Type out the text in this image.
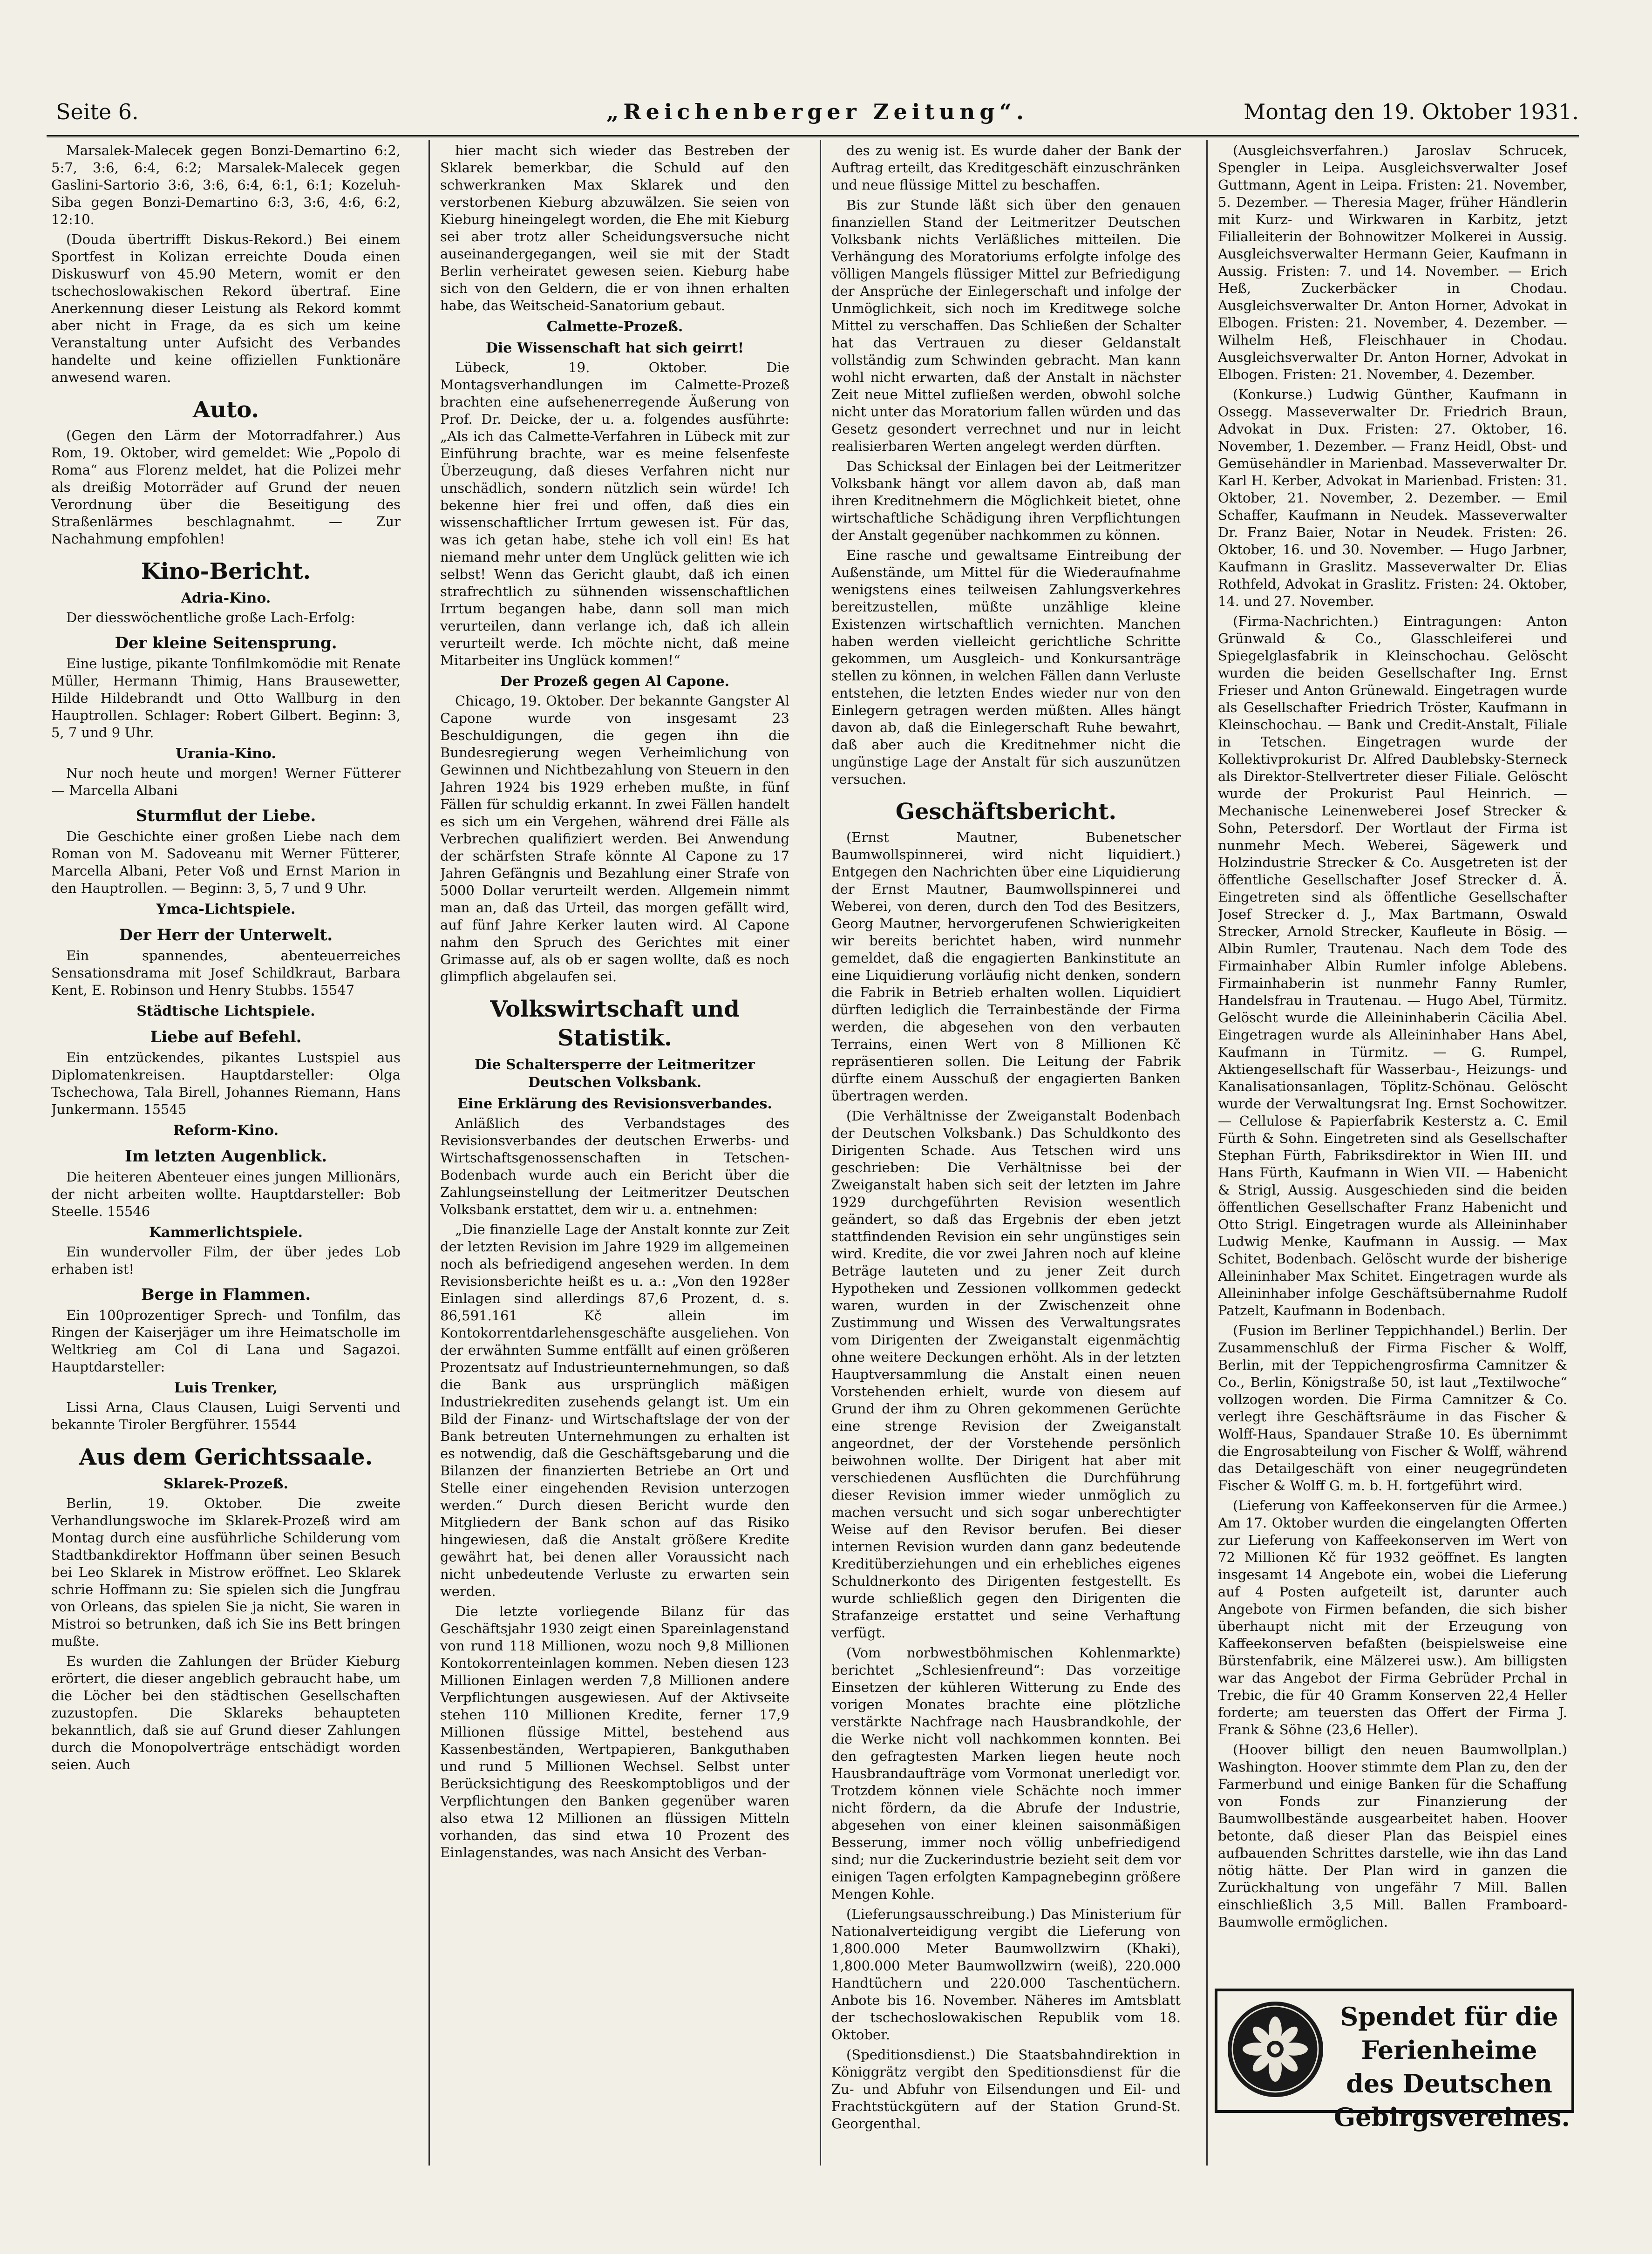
Seite 6.	„Reichenberger Zeitung“.	Montag den 19. Oktober 1931.

Marsalek-Malecek gegen Bonzi-Demartino 6:2, 5:7, 3:6, 6:4, 6:2; Marsalek-Malecek gegen Gaslini-Sartorio 3:6, 3:6, 6:4, 6:1, 6:1; Kozeluh-Siba gegen Bonzi-Demartino 6:3, 3:6, 4:6, 6:2, 12:10.

(Douda übertrifft Diskus-Rekord.) Bei einem Sportfest in Kolizan erreichte Douda einen Diskuswurf von 45.90 Metern, womit er den tschechoslowakischen Rekord übertraf. Eine Anerkennung dieser Leistung als Rekord kommt aber nicht in Frage, da es sich um keine Veranstaltung unter Aufsicht des Verbandes handelte und keine offiziellen Funktionäre anwesend waren.

Auto.

(Gegen den Lärm der Motorradfahrer.) Aus Rom, 19. Oktober, wird gemeldet: Wie „Popolo di Roma“ aus Florenz meldet, hat die Polizei mehr als dreißig Motorräder auf Grund der neuen Verordnung über die Beseitigung des Straßenlärmes beschlagnahmt. — Zur Nachahmung empfohlen!

Kino-Bericht.
Adria-Kino.

Der diesswöchentliche große Lach-Erfolg:

Der kleine Seitensprung.

Eine lustige, pikante Tonfilmkomödie mit Renate Müller, Hermann Thimig, Hans Brausewetter, Hilde Hildebrandt und Otto Wallburg in den Hauptrollen. Schlager: Robert Gilbert. Beginn: 3, 5, 7 und 9 Uhr.

Urania-Kino.

Nur noch heute und morgen! Werner Fütterer — Marcella Albani

Sturmflut der Liebe.

Die Geschichte einer großen Liebe nach dem Roman von M. Sadoveanu mit Werner Fütterer, Marcella Albani, Peter Voß und Ernst Marion in den Hauptrollen. — Beginn: 3, 5, 7 und 9 Uhr.

Ymca-Lichtspiele.
Der Herr der Unterwelt.

Ein spannendes, abenteuerreiches Sensationsdrama mit Josef Schildkraut, Barbara Kent, E. Robinson und Henry Stubbs. 15547

Städtische Lichtspiele.
Liebe auf Befehl.

Ein entzückendes, pikantes Lustspiel aus Diplomatenkreisen. Hauptdarsteller: Olga Tschechowa, Tala Birell, Johannes Riemann, Hans Junkermann. 15545

Reform-Kino.
Im letzten Augenblick.

Die heiteren Abenteuer eines jungen Millionärs, der nicht arbeiten wollte. Hauptdarsteller: Bob Steelle. 15546

Kammerlichtspiele.

Ein wundervoller Film, der über jedes Lob erhaben ist!

Berge in Flammen.

Ein 100prozentiger Sprech- und Tonfilm, das Ringen der Kaiserjäger um ihre Heimatscholle im Weltkrieg am Col di Lana und Sagazoi. Hauptdarsteller:

Luis Trenker,

Lissi Arna, Claus Clausen, Luigi Serventi und bekannte Tiroler Bergführer. 15544

Aus dem Gerichtssaale.
Sklarek-Prozeß.

Berlin, 19. Oktober. Die zweite Verhandlungswoche im Sklarek-Prozeß wird am Montag durch eine ausführliche Schilderung vom Stadtbankdirektor Hoffmann über seinen Besuch bei Leo Sklarek in Mistrow eröffnet. Leo Sklarek schrie Hoffmann zu: Sie spielen sich die Jungfrau von Orleans, das spielen Sie ja nicht, Sie waren in Mistroi so betrunken, daß ich Sie ins Bett bringen mußte.

Es wurden die Zahlungen der Brüder Kieburg erörtert, die dieser angeblich gebraucht habe, um die Löcher bei den städtischen Gesellschaften zuzustopfen. Die Sklareks behaupteten bekanntlich, daß sie auf Grund dieser Zahlungen durch die Monopolverträge entschädigt worden seien. Auch

hier macht sich wieder das Bestreben der Sklarek bemerkbar, die Schuld auf den schwerkranken Max Sklarek und den verstorbenen Kieburg abzuwälzen. Sie seien von Kieburg hineingelegt worden, die Ehe mit Kieburg sei aber trotz aller Scheidungsversuche nicht auseinandergegangen, weil sie mit der Stadt Berlin verheiratet gewesen seien. Kieburg habe sich von den Geldern, die er von ihnen erhalten habe, das Weitscheid-Sanatorium gebaut.

Calmette-Prozeß.
Die Wissenschaft hat sich geirrt!

Lübeck, 19. Oktober. Die Montagsverhandlungen im Calmette-Prozeß brachten eine aufsehenerregende Äußerung von Prof. Dr. Deicke, der u. a. folgendes ausführte: „Als ich das Calmette-Verfahren in Lübeck mit zur Einführung brachte, war es meine felsenfeste Überzeugung, daß dieses Verfahren nicht nur unschädlich, sondern nützlich sein würde! Ich bekenne hier frei und offen, daß dies ein wissenschaftlicher Irrtum gewesen ist. Für das, was ich getan habe, stehe ich voll ein! Es hat niemand mehr unter dem Unglück gelitten wie ich selbst! Wenn das Gericht glaubt, daß ich einen strafrechtlich zu sühnenden wissenschaftlichen Irrtum begangen habe, dann soll man mich verurteilen, dann verlange ich, daß ich allein verurteilt werde. Ich möchte nicht, daß meine Mitarbeiter ins Unglück kommen!“

Der Prozeß gegen Al Capone.

Chicago, 19. Oktober. Der bekannte Gangster Al Capone wurde von insgesamt 23 Beschuldigungen, die gegen ihn die Bundesregierung wegen Verheimlichung von Gewinnen und Nichtbezahlung von Steuern in den Jahren 1924 bis 1929 erheben mußte, in fünf Fällen für schuldig erkannt. In zwei Fällen handelt es sich um ein Vergehen, während drei Fälle als Verbrechen qualifiziert werden. Bei Anwendung der schärfsten Strafe könnte Al Capone zu 17 Jahren Gefängnis und Bezahlung einer Strafe von 5000 Dollar verurteilt werden. Allgemein nimmt man an, daß das Urteil, das morgen gefällt wird, auf fünf Jahre Kerker lauten wird. Al Capone nahm den Spruch des Gerichtes mit einer Grimasse auf, als ob er sagen wollte, daß es noch glimpflich abgelaufen sei.

Volkswirtschaft und Statistik.
Die Schaltersperre der Leitmeritzer Deutschen Volksbank.
Eine Erklärung des Revisionsverbandes.

Anläßlich des Verbandstages des Revisionsverbandes der deutschen Erwerbs- und Wirtschaftsgenossenschaften in Tetschen-Bodenbach wurde auch ein Bericht über die Zahlungseinstellung der Leitmeritzer Deutschen Volksbank erstattet, dem wir u. a. entnehmen:

„Die finanzielle Lage der Anstalt konnte zur Zeit der letzten Revision im Jahre 1929 im allgemeinen noch als befriedigend angesehen werden. In dem Revisionsberichte heißt es u. a.: „Von den 1928er Einlagen sind allerdings 87,6 Prozent, d. s. 86,591.161 Kč allein im Kontokorrentdarlehensgeschäfte ausgeliehen. Von der erwähnten Summe entfällt auf einen größeren Prozentsatz auf Industrieunternehmungen, so daß die Bank aus ursprünglich mäßigen Industriekrediten zusehends gelangt ist. Um ein Bild der Finanz- und Wirtschaftslage der von der Bank betreuten Unternehmungen zu erhalten ist es notwendig, daß die Geschäftsgebarung und die Bilanzen der finanzierten Betriebe an Ort und Stelle einer eingehenden Revision unterzogen werden.“ Durch diesen Bericht wurde den Mitgliedern der Bank schon auf das Risiko hingewiesen, daß die Anstalt größere Kredite gewährt hat, bei denen aller Voraussicht nach nicht unbedeutende Verluste zu erwarten sein werden.

Die letzte vorliegende Bilanz für das Geschäftsjahr 1930 zeigt einen Spareinlagenstand von rund 118 Millionen, wozu noch 9,8 Millionen Kontokorrenteinlagen kommen. Neben diesen 123 Millionen Einlagen werden 7,8 Millionen andere Verpflichtungen ausgewiesen. Auf der Aktivseite stehen 110 Millionen Kredite, ferner 17,9 Millionen flüssige Mittel, bestehend aus Kassenbeständen, Wertpapieren, Bankguthaben und rund 5 Millionen Wechsel. Selbst unter Berücksichtigung des Reeskomptobligos und der Verpflichtungen den Banken gegenüber waren also etwa 12 Millionen an flüssigen Mitteln vorhanden, das sind etwa 10 Prozent des Einlagenstandes, was nach Ansicht des Verban-

des zu wenig ist. Es wurde daher der Bank der Auftrag erteilt, das Kreditgeschäft einzuschränken und neue flüssige Mittel zu beschaffen.

Bis zur Stunde läßt sich über den genauen finanziellen Stand der Leitmeritzer Deutschen Volksbank nichts Verläßliches mitteilen. Die Verhängung des Moratoriums erfolgte infolge des völligen Mangels flüssiger Mittel zur Befriedigung der Ansprüche der Einlegerschaft und infolge der Unmöglichkeit, sich noch im Kreditwege solche Mittel zu verschaffen. Das Schließen der Schalter hat das Vertrauen zu dieser Geldanstalt vollständig zum Schwinden gebracht. Man kann wohl nicht erwarten, daß der Anstalt in nächster Zeit neue Mittel zufließen werden, obwohl solche nicht unter das Moratorium fallen würden und das Gesetz gesondert verrechnet und nur in leicht realisierbaren Werten angelegt werden dürften.

Das Schicksal der Einlagen bei der Leitmeritzer Volksbank hängt vor allem davon ab, daß man ihren Kreditnehmern die Möglichkeit bietet, ohne wirtschaftliche Schädigung ihren Verpflichtungen der Anstalt gegenüber nachkommen zu können.

Eine rasche und gewaltsame Eintreibung der Außenstände, um Mittel für die Wiederaufnahme wenigstens eines teilweisen Zahlungsverkehres bereitzustellen, müßte unzählige kleine Existenzen wirtschaftlich vernichten. Manchen haben werden vielleicht gerichtliche Schritte gekommen, um Ausgleich- und Konkursanträge stellen zu können, in welchen Fällen dann Verluste entstehen, die letzten Endes wieder nur von den Einlegern getragen werden müßten. Alles hängt davon ab, daß die Einlegerschaft Ruhe bewahrt, daß aber auch die Kreditnehmer nicht die ungünstige Lage der Anstalt für sich auszunützen versuchen.

Geschäftsbericht.

(Ernst Mautner, Bubenetscher Baumwollspinnerei, wird nicht liquidiert.) Entgegen den Nachrichten über eine Liquidierung der Ernst Mautner, Baumwollspinnerei und Weberei, von deren, durch den Tod des Besitzers, Georg Mautner, hervorgerufenen Schwierigkeiten wir bereits berichtet haben, wird nunmehr gemeldet, daß die engagierten Bankinstitute an eine Liquidierung vorläufig nicht denken, sondern die Fabrik in Betrieb erhalten wollen. Liquidiert dürften lediglich die Terrainbestände der Firma werden, die abgesehen von den verbauten Terrains, einen Wert von 8 Millionen Kč repräsentieren sollen. Die Leitung der Fabrik dürfte einem Ausschuß der engagierten Banken übertragen werden.

(Die Verhältnisse der Zweiganstalt Bodenbach der Deutschen Volksbank.) Das Schuldkonto des Dirigenten Schade. Aus Tetschen wird uns geschrieben: Die Verhältnisse bei der Zweiganstalt haben sich seit der letzten im Jahre 1929 durchgeführten Revision wesentlich geändert, so daß das Ergebnis der eben jetzt stattfindenden Revision ein sehr ungünstiges sein wird. Kredite, die vor zwei Jahren noch auf kleine Beträge lauteten und zu jener Zeit durch Hypotheken und Zessionen vollkommen gedeckt waren, wurden in der Zwischenzeit ohne Zustimmung und Wissen des Verwaltungsrates vom Dirigenten der Zweiganstalt eigenmächtig ohne weitere Deckungen erhöht. Als in der letzten Hauptversammlung die Anstalt einen neuen Vorstehenden erhielt, wurde von diesem auf Grund der ihm zu Ohren gekommenen Gerüchte eine strenge Revision der Zweiganstalt angeordnet, der der Vorstehende persönlich beiwohnen wollte. Der Dirigent hat aber mit verschiedenen Ausflüchten die Durchführung dieser Revision immer wieder unmöglich zu machen versucht und sich sogar unberechtigter Weise auf den Revisor berufen. Bei dieser internen Revision wurden dann ganz bedeutende Kreditüberziehungen und ein erhebliches eigenes Schuldnerkonto des Dirigenten festgestellt. Es wurde schließlich gegen den Dirigenten die Strafanzeige erstattet und seine Verhaftung verfügt.

(Vom norbwestböhmischen Kohlenmarkte) berichtet „Schlesienfreund“: Das vorzeitige Einsetzen der kühleren Witterung zu Ende des vorigen Monates brachte eine plötzliche verstärkte Nachfrage nach Hausbrandkohle, der die Werke nicht voll nachkommen konnten. Bei den gefragtesten Marken liegen heute noch Hausbrandaufträge vom Vormonat unerledigt vor. Trotzdem können viele Schächte noch immer nicht fördern, da die Abrufe der Industrie, abgesehen von einer kleinen saisonmäßigen Besserung, immer noch völlig unbefriedigend sind; nur die Zuckerindustrie bezieht seit dem vor einigen Tagen erfolgten Kampagnebeginn größere Mengen Kohle.

(Lieferungsausschreibung.) Das Ministerium für Nationalverteidigung vergibt die Lieferung von 1,800.000 Meter Baumwollzwirn (Khaki), 1,800.000 Meter Baumwollzwirn (weiß), 220.000 Handtüchern und 220.000 Taschentüchern. Anbote bis 16. November. Näheres im Amtsblatt der tschechoslowakischen Republik vom 18. Oktober.

(Speditionsdienst.) Die Staatsbahndirektion in Königgrätz vergibt den Speditionsdienst für die Zu- und Abfuhr von Eilsendungen und Eil- und Frachtstückgütern auf der Station Grund-St. Georgenthal.

(Ausgleichsverfahren.) Jaroslav Schrucek, Spengler in Leipa. Ausgleichsverwalter Josef Guttmann, Agent in Leipa. Fristen: 21. November, 5. Dezember. — Theresia Mager, früher Händlerin mit Kurz- und Wirkwaren in Karbitz, jetzt Filialleiterin der Bohnowitzer Molkerei in Aussig. Ausgleichsverwalter Hermann Geier, Kaufmann in Aussig. Fristen: 7. und 14. November. — Erich Heß, Zuckerbäcker in Chodau. Ausgleichsverwalter Dr. Anton Horner, Advokat in Elbogen. Fristen: 21. November, 4. Dezember. — Wilhelm Heß, Fleischhauer in Chodau. Ausgleichsverwalter Dr. Anton Horner, Advokat in Elbogen. Fristen: 21. November, 4. Dezember.

(Konkurse.) Ludwig Günther, Kaufmann in Ossegg. Masseverwalter Dr. Friedrich Braun, Advokat in Dux. Fristen: 27. Oktober, 16. November, 1. Dezember. — Franz Heidl, Obst- und Gemüsehändler in Marienbad. Masseverwalter Dr. Karl H. Kerber, Advokat in Marienbad. Fristen: 31. Oktober, 21. November, 2. Dezember. — Emil Schaffer, Kaufmann in Neudek. Masseverwalter Dr. Franz Baier, Notar in Neudek. Fristen: 26. Oktober, 16. und 30. November. — Hugo Jarbner, Kaufmann in Graslitz. Masseverwalter Dr. Elias Rothfeld, Advokat in Graslitz. Fristen: 24. Oktober, 14. und 27. November.

(Firma-Nachrichten.) Eintragungen: Anton Grünwald & Co., Glasschleiferei und Spiegelglasfabrik in Kleinschochau. Gelöscht wurden die beiden Gesellschafter Ing. Ernst Frieser und Anton Grünewald. Eingetragen wurde als Gesellschafter Friedrich Tröster, Kaufmann in Kleinschochau. — Bank und Credit-Anstalt, Filiale in Tetschen. Eingetragen wurde der Kollektivprokurist Dr. Alfred Daublebsky-Sterneck als Direktor-Stellvertreter dieser Filiale. Gelöscht wurde der Prokurist Paul Heinrich. — Mechanische Leinenweberei Josef Strecker & Sohn, Petersdorf. Der Wortlaut der Firma ist nunmehr Mech. Weberei, Sägewerk und Holzindustrie Strecker & Co. Ausgetreten ist der öffentliche Gesellschafter Josef Strecker d. Ä. Eingetreten sind als öffentliche Gesellschafter Josef Strecker d. J., Max Bartmann, Oswald Strecker, Arnold Strecker, Kaufleute in Bösig. — Albin Rumler, Trautenau. Nach dem Tode des Firmainhaber Albin Rumler infolge Ablebens. Firmainhaberin ist nunmehr Fanny Rumler, Handelsfrau in Trautenau. — Hugo Abel, Türmitz. Gelöscht wurde die Alleininhaberin Cäcilia Abel. Eingetragen wurde als Alleininhaber Hans Abel, Kaufmann in Türmitz. — G. Rumpel, Aktiengesellschaft für Wasserbau-, Heizungs- und Kanalisationsanlagen, Töplitz-Schönau. Gelöscht wurde der Verwaltungsrat Ing. Ernst Sochowitzer. — Cellulose & Papierfabrik Kesterstz a. C. Emil Fürth & Sohn. Eingetreten sind als Gesellschafter Stephan Fürth, Fabriksdirektor in Wien III. und Hans Fürth, Kaufmann in Wien VII. — Habenicht & Strigl, Aussig. Ausgeschieden sind die beiden öffentlichen Gesellschafter Franz Habenicht und Otto Strigl. Eingetragen wurde als Alleininhaber Ludwig Menke, Kaufmann in Aussig. — Max Schitet, Bodenbach. Gelöscht wurde der bisherige Alleininhaber Max Schitet. Eingetragen wurde als Alleininhaber infolge Geschäftsübernahme Rudolf Patzelt, Kaufmann in Bodenbach.

(Fusion im Berliner Teppichhandel.) Berlin. Der Zusammenschluß der Firma Fischer & Wolff, Berlin, mit der Teppichengrosfirma Camnitzer & Co., Berlin, Königstraße 50, ist laut „Textilwoche“ vollzogen worden. Die Firma Camnitzer & Co. verlegt ihre Geschäftsräume in das Fischer & Wolff-Haus, Spandauer Straße 10. Es übernimmt die Engrosabteilung von Fischer & Wolff, während das Detailgeschäft von einer neugegründeten Fischer & Wolff G. m. b. H. fortgeführt wird.

(Lieferung von Kaffeekonserven für die Armee.) Am 17. Oktober wurden die eingelangten Offerten zur Lieferung von Kaffeekonserven im Wert von 72 Millionen Kč für 1932 geöffnet. Es langten insgesamt 14 Angebote ein, wobei die Lieferung auf 4 Posten aufgeteilt ist, darunter auch Angebote von Firmen befanden, die sich bisher überhaupt nicht mit der Erzeugung von Kaffeekonserven befaßten (beispielsweise eine Bürstenfabrik, eine Mälzerei usw.). Am billigsten war das Angebot der Firma Gebrüder Prchal in Trebic, die für 40 Gramm Konserven 22,4 Heller forderte; am teuersten das Offert der Firma J. Frank & Söhne (23,6 Heller).

(Hoover billigt den neuen Baumwollplan.) Washington. Hoover stimmte dem Plan zu, den der Farmerbund und einige Banken für die Schaffung von Fonds zur Finanzierung der Baumwollbestände ausgearbeitet haben. Hoover betonte, daß dieser Plan das Beispiel eines aufbauenden Schrittes darstelle, wie ihn das Land nötig hätte. Der Plan wird in ganzen die Zurückhaltung von ungefähr 7 Mill. Ballen einschließlich 3,5 Mill. Ballen Framboard-Baumwolle ermöglichen.

Spendet für die
Ferienheime
des Deutschen
Gebirgsvereines.
